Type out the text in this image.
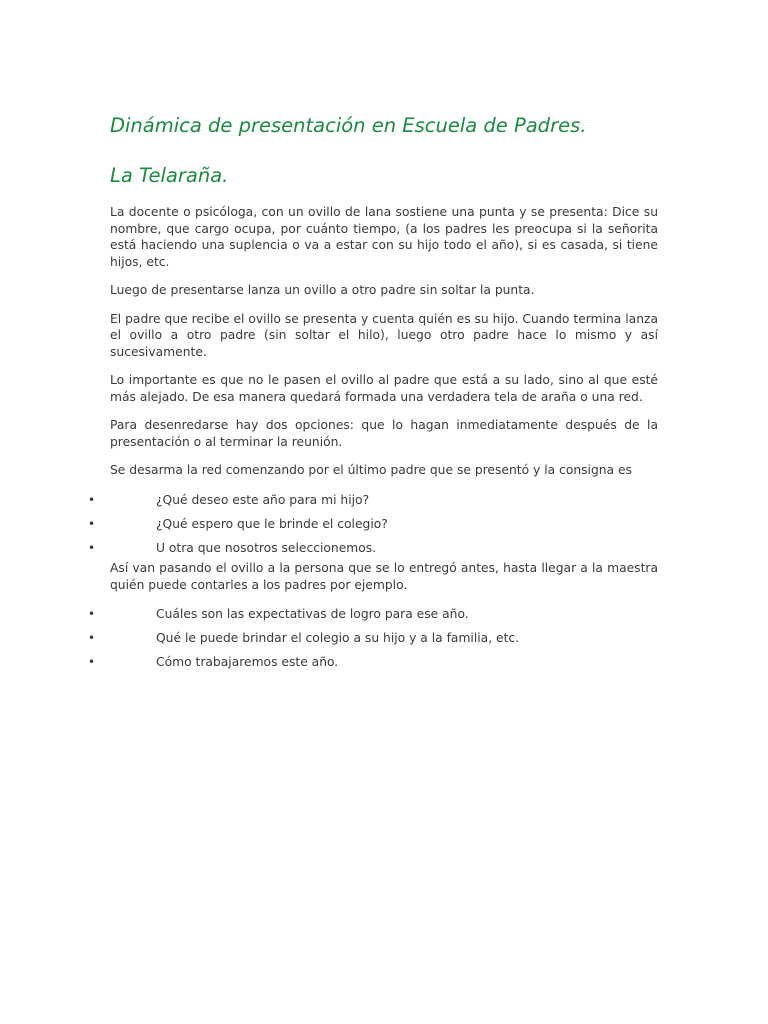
Dinámica de presentación en Escuela de Padres.
La Telaraña.

La docente o psicóloga, con un ovillo de lana sostiene una punta y se presenta: Dice su nombre, que cargo ocupa, por cuánto tiempo, (a los padres les preocupa si la señorita está haciendo una suplencia o va a estar con su hijo todo el año), si es casada, si tiene hijos, etc.

Luego de presentarse lanza un ovillo a otro padre sin soltar la punta.

El padre que recibe el ovillo se presenta y cuenta quién es su hijo. Cuando termina lanza el ovillo a otro padre (sin soltar el hilo), luego otro padre hace lo mismo y así sucesivamente.

Lo importante es que no le pasen el ovillo al padre que está a su lado, sino al que esté más alejado. De esa manera quedará formada una verdadera tela de araña o una red.

Para desenredarse hay dos opciones: que lo hagan inmediatamente después de la presentación o al terminar la reunión.

Se desarma la red comenzando por el último padre que se presentó y la consigna es

•	¿Qué deseo este año para mi hijo?
•	¿Qué espero que le brinde el colegio?
•	U otra que nosotros seleccionemos.

Así van pasando el ovillo a la persona que se lo entregó antes, hasta llegar a la maestra quién puede contarles a los padres por ejemplo.

•	Cuáles son las expectativas de logro para ese año.
•	Qué le puede brindar el colegio a su hijo y a la familia, etc.
•	Cómo trabajaremos este año.
